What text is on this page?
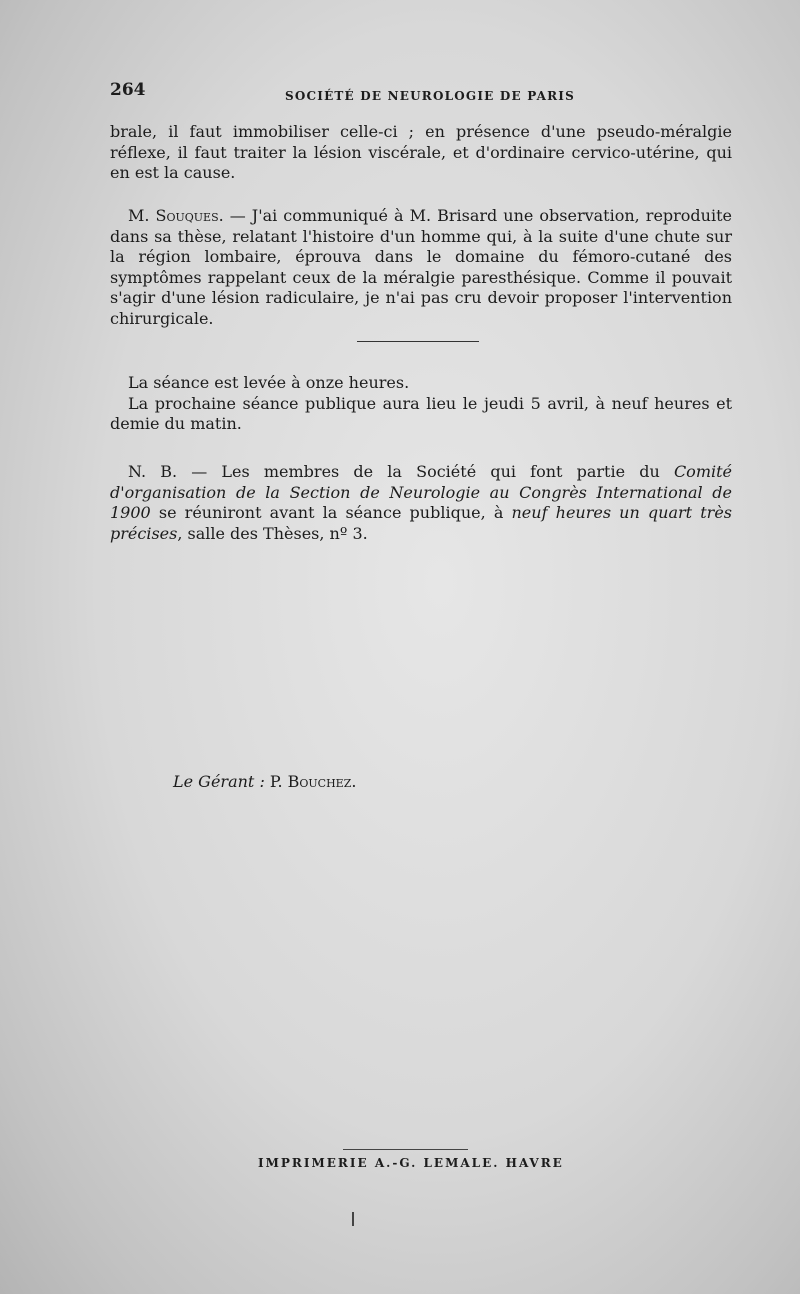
264	SOCIÉTÉ DE NEUROLOGIE DE PARIS

brale, il faut immobiliser celle-ci ; en présence d'une pseudo-méralgie réflexe, il faut traiter la lésion viscérale, et d'ordinaire cervico-utérine, qui en est la cause.

M. Souques. — J'ai communiqué à M. Brisard une observation, reproduite dans sa thèse, relatant l'histoire d'un homme qui, à la suite d'une chute sur la région lombaire, éprouva dans le domaine du fémoro-cutané des symptômes rappelant ceux de la méralgie paresthésique. Comme il pouvait s'agir d'une lésion radiculaire, je n'ai pas cru devoir proposer l'intervention chirurgicale.

La séance est levée à onze heures.

La prochaine séance publique aura lieu le jeudi 5 avril, à neuf heures et demie du matin.

N. B. — Les membres de la Société qui font partie du Comité d'organisation de la Section de Neurologie au Congrès International de 1900 se réuniront avant la séance publique, à neuf heures un quart très précises, salle des Thèses, nº 3.

Le Gérant : P. Bouchez.
IMPRIMERIE A.-G. LEMALE. HAVRE
